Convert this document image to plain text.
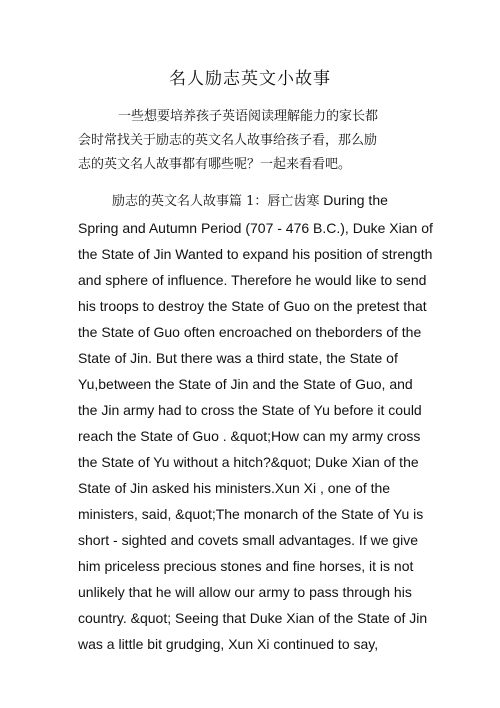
名人励志英文小故事

一些想要培养孩子英语阅读理解能力的家长都
会时常找关于励志的英文名人故事给孩子看，那么励
志的英文名人故事都有哪些呢？一起来看看吧。

励志的英文名人故事篇 1：唇亡齿寒 During the
Spring and Autumn Period (707 - 476 B.C.), Duke Xian of
the State of Jin Wanted to expand his position of strength
and sphere of influence. Therefore he would like to send
his troops to destroy the State of Guo on the pretest that
the State of Guo often encroached on theborders of the
State of Jin. But there was a third state, the State of
Yu,between the State of Jin and the State of Guo, and
the Jin army had to cross the State of Yu before it could
reach the State of Guo . &quot;How can my army cross
the State of Yu without a hitch?&quot; Duke Xian of the
State of Jin asked his ministers.Xun Xi , one of the
ministers, said, &quot;The monarch of the State of Yu is
short - sighted and covets small advantages. If we give
him priceless precious stones and fine horses, it is not
unlikely that he will allow our army to pass through his
country. &quot; Seeing that Duke Xian of the State of Jin
was a little bit grudging, Xun Xi continued to say,
